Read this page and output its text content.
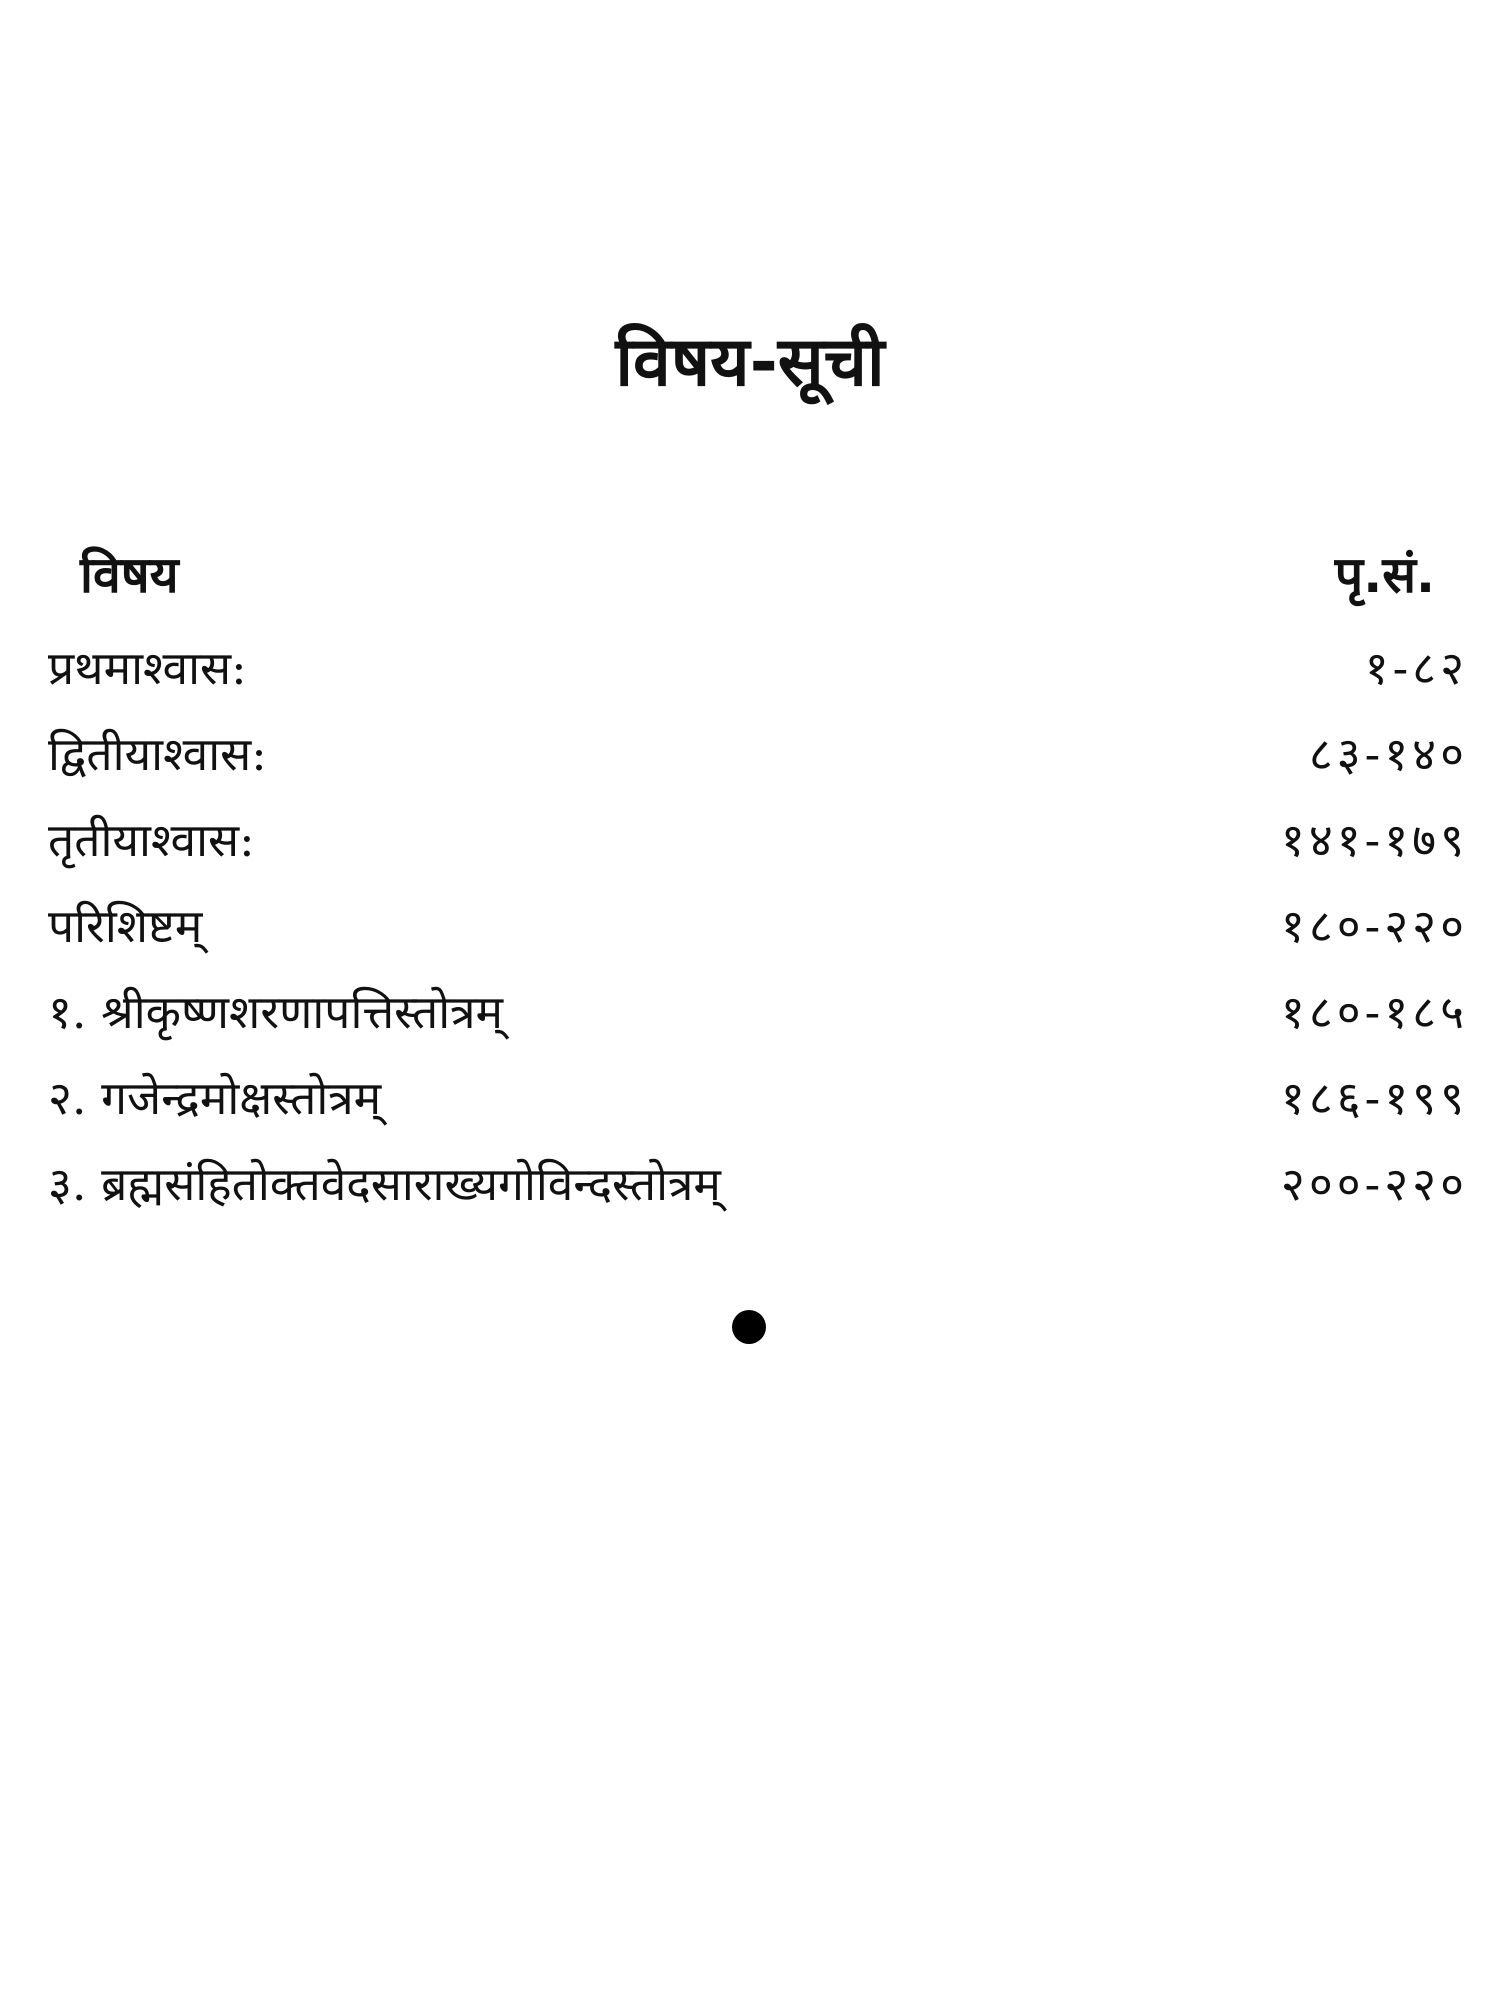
विषय-सूची
विषय	पृ.सं.
प्रथमाश्वास:	१-८२
द्वितीयाश्वास:	८३-१४०
तृतीयाश्वास:	१४१-१७९
परिशिष्टम्	१८०-२२०
१. श्रीकृष्णशरणापत्तिस्तोत्रम्	१८०-१८५
२. गजेन्द्रमोक्षस्तोत्रम्	१८६-१९९
३. ब्रह्मसंहितोक्तवेदसाराख्यगोविन्दस्तोत्रम्	२००-२२०
